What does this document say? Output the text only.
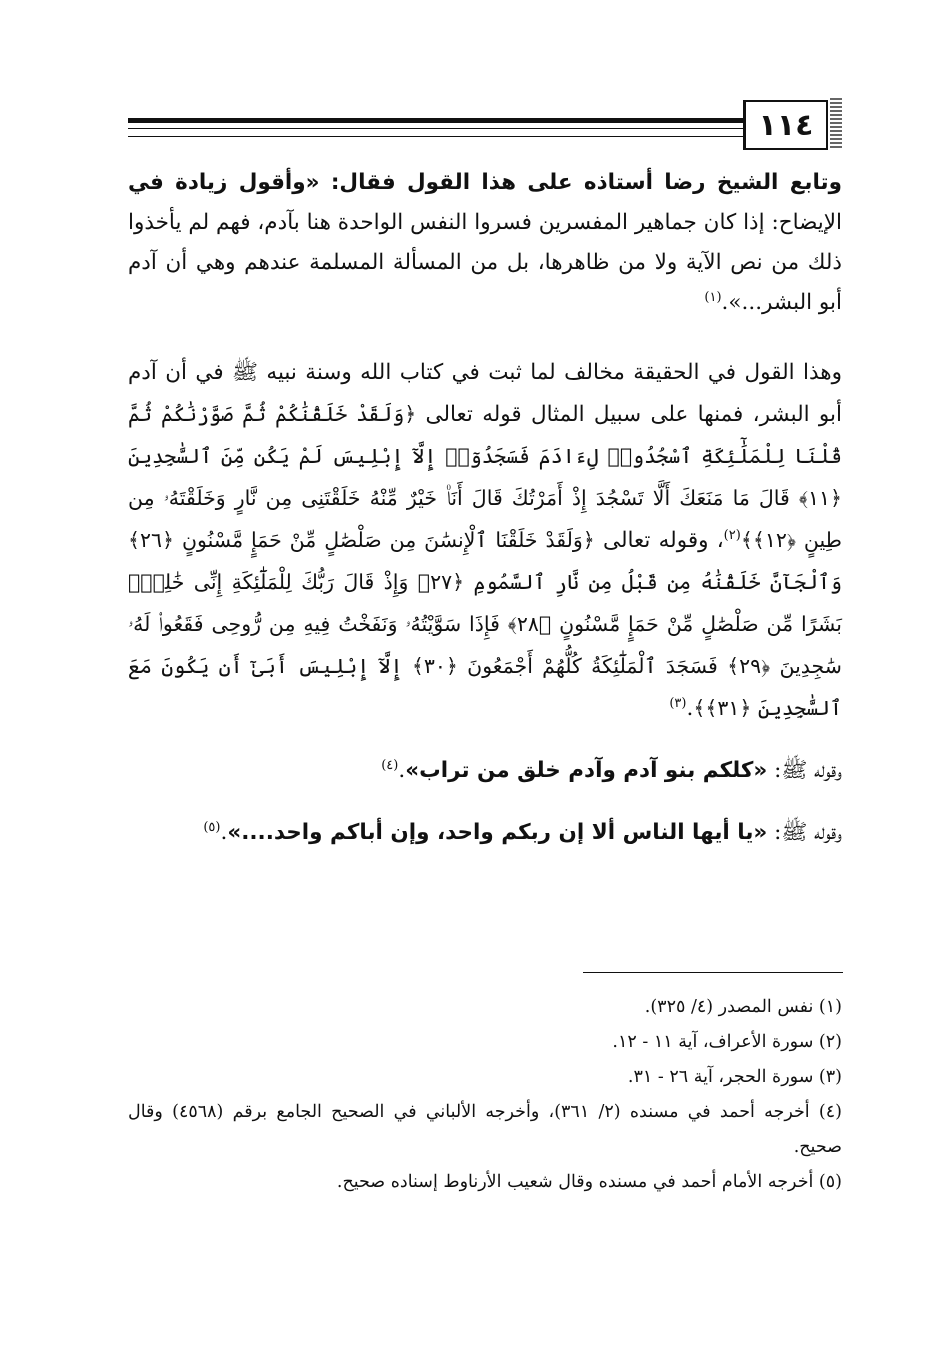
١١٤

وتابع الشيخ رضا أستاذه على هذا القول فقال: «وأقول زيادة في الإيضاح: إذا كان جماهير المفسرين فسروا النفس الواحدة هنا بآدم، فهم لم يأخذوا ذلك من نص الآية ولا من ظاهرها، بل من المسألة المسلمة عندهم وهي أن آدم أبو البشر...».$^{(١)}$

وهذا القول في الحقيقة مخالف لما ثبت في كتاب الله وسنة نبيه ﷺ في أن آدم أبو البشر، فمنها على سبيل المثال قوله تعالى ﴿وَلَقَدْ خَلَقْنَٰكُمْ ثُمَّ صَوَّرْنَٰكُمْ ثُمَّ قُلْنَا لِلْمَلَٰٓئِكَةِ ٱسْجُدُوا۟ لِءَادَمَ فَسَجَدُوٓا۟ إِلَّآ إِبْلِيسَ لَمْ يَكُن مِّنَ ٱلسَّٰجِدِينَ ﴿١١﴾ قَالَ مَا مَنَعَكَ أَلَّا تَسْجُدَ إِذْ أَمَرْتُكَ قَالَ أَنَا۠ خَيْرٌ مِّنْهُ خَلَقْتَنِى مِن نَّارٍ وَخَلَقْتَهُۥ مِن طِينٍ ﴿١٢﴾﴾$^{(٢)}$، وقوله تعالى ﴿وَلَقَدْ خَلَقْنَا ٱلْإِنسَٰنَ مِن صَلْصَٰلٍ مِّنْ حَمَإٍ مَّسْنُونٍ ﴿٢٦﴾ وَٱلْجَآنَّ خَلَقْنَٰهُ مِن قَبْلُ مِن نَّارِ ٱلسَّمُومِ ﴿٢٧﴾ وَإِذْ قَالَ رَبُّكَ لِلْمَلَٰٓئِكَةِ إِنِّى خَٰلِقٌۢ بَشَرًا مِّن صَلْصَٰلٍ مِّنْ حَمَإٍ مَّسْنُونٍ ﴿٢٨﴾ فَإِذَا سَوَّيْتُهُۥ وَنَفَخْتُ فِيهِ مِن رُّوحِى فَقَعُوا۟ لَهُۥ سَٰجِدِينَ ﴿٢٩﴾ فَسَجَدَ ٱلْمَلَٰٓئِكَةُ كُلُّهُمْ أَجْمَعُونَ ﴿٣٠﴾ إِلَّآ إِبْلِيسَ أَبَىٰٓ أَن يَكُونَ مَعَ ٱلسَّٰجِدِينَ ﴿٣١﴾﴾.$^{(٣)}$

وقوله ﷺ: «كلكم بنو آدم وآدم خلق من تراب».$^{(٤)}$

وقوله ﷺ: «يا أيها الناس ألا إن ربكم واحد، وإن أباكم واحد....».$^{(٥)}$

(١) نفس المصدر (٤/ ٣٢٥).

(٢) سورة الأعراف، آية ١١ - ١٢.

(٣) سورة الحجر، آية ٢٦ - ٣١.

(٤) أخرجه أحمد في مسنده (٢/ ٣٦١)، وأخرجه الألباني في الصحيح الجامع برقم (٤٥٦٨) وقال صحيح.

(٥) أخرجه الأمام أحمد في مسنده وقال شعيب الأرناوط إسناده صحيح.
